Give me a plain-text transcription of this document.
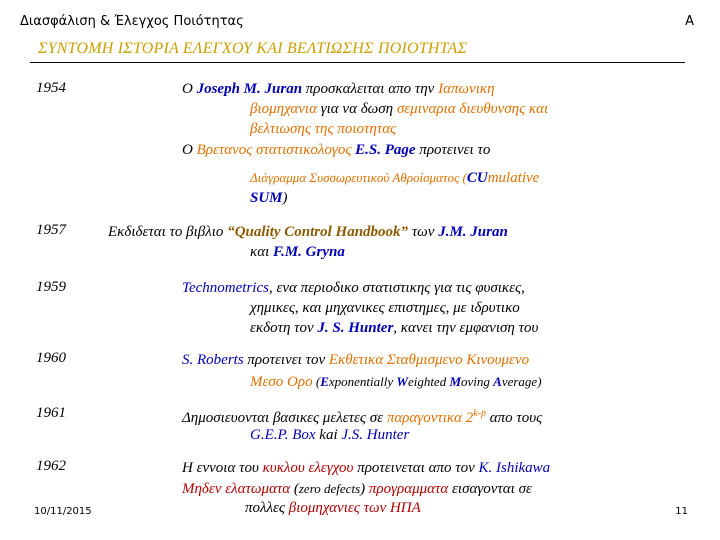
Διασφάλιση & Έλεγχος Ποιότητας	A
ΣΥΝΤΟΜΗ ΙΣΤΟΡΙΑ ΕΛΕΓΧΟΥ ΚΑΙ ΒΕΛΤΙΩΣΗΣ ΠΟΙΟΤΗΤΑΣ
1954	Ο Joseph M. Juran προσκαλειται απο την Ιαπωνικη
βιομηχανια για να δωση σεμιναρια διευθυνσης και
βελτιωσης της ποιοτητας
Ο Βρετανος στατιστικολογος E.S. Page προτεινει το
Διάγραμμα Συσσωρευτικού Αθροίσματος (CUmulative
SUM)
1957	Εκδιδεται το βιβλιο “Quality Control Handbook” των J.M. Juran
και F.M. Gryna
1959	Technometrics, ενα περιοδικο στατιστικης για τις φυσικες,
χημικες, και μηχανικες επιστημες, με ιδρυτικο
εκδοτη τον J. S. Hunter, κανει την εμφανιση του
1960	S. Roberts προτεινει τον Εκθετικα Σταθμισμενο Κινουμενο
Μεσο Ορο (Exponentially Weighted Moving Average)
1961	Δημοσιευονται βασικες μελετες σε παραγοντικα 2$^{k-p}$ απο τους
G.E.P. Box kai J.S. Hunter
1962	Η εννοια του κυκλου ελεγχου προτεινεται απο τον K. Ishikawa
Μηδεν ελατωματα (zero defects) προγραμματα εισαγονται σε
πολλες βιομηχανιες των ΗΠΑ
10/11/2015	11
